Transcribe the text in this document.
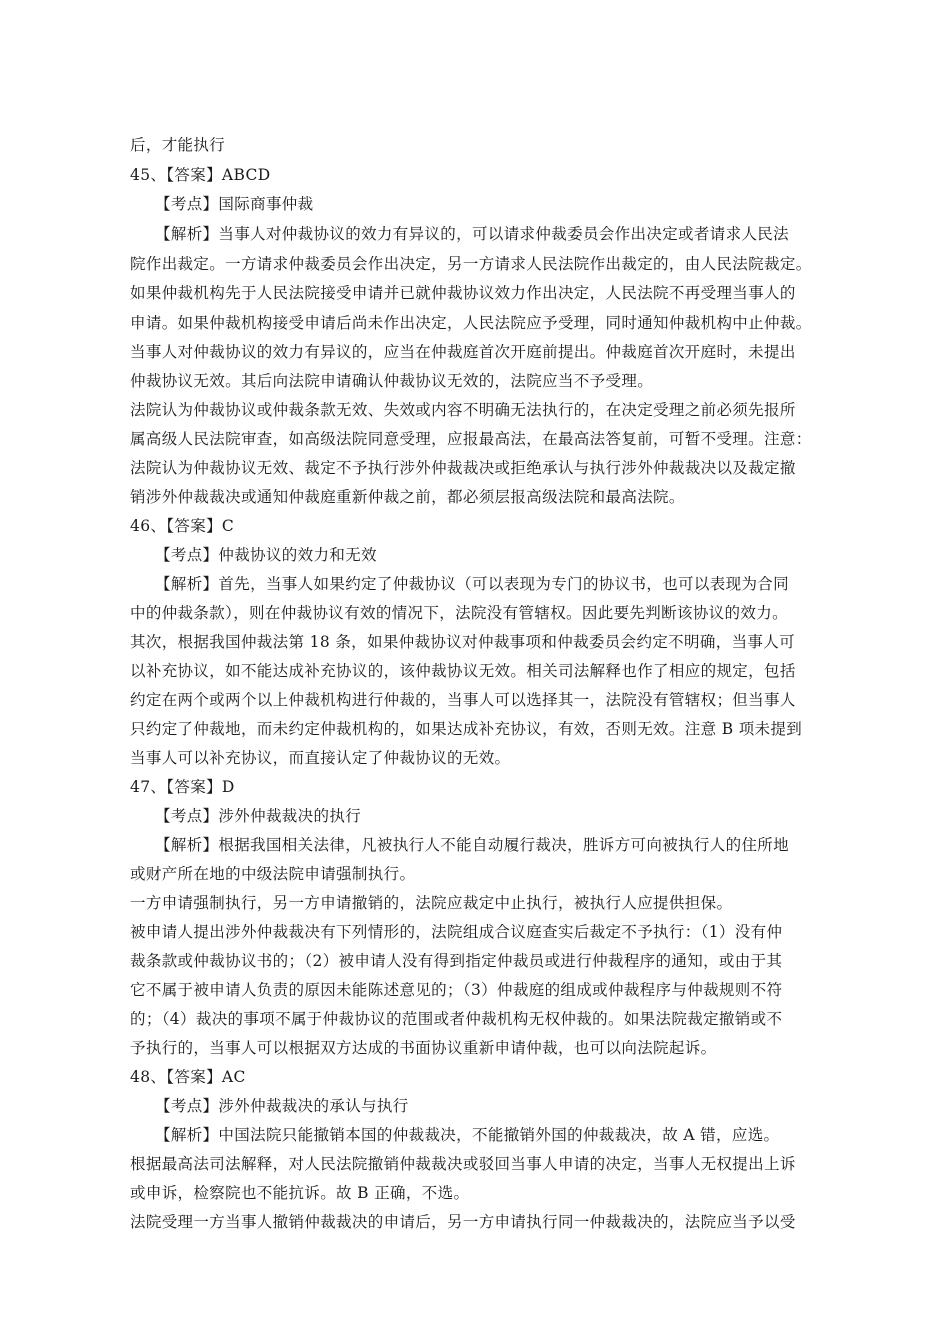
后，才能执行
45、【答案】ABCD
【考点】国际商事仲裁
【解析】当事人对仲裁协议的效力有异议的，可以请求仲裁委员会作出决定或者请求人民法
院作出裁定。一方请求仲裁委员会作出决定，另一方请求人民法院作出裁定的，由人民法院裁定。
如果仲裁机构先于人民法院接受申请并已就仲裁协议效力作出决定，人民法院不再受理当事人的
申请。如果仲裁机构接受申请后尚未作出决定，人民法院应予受理，同时通知仲裁机构中止仲裁。
当事人对仲裁协议的效力有异议的，应当在仲裁庭首次开庭前提出。仲裁庭首次开庭时，未提出
仲裁协议无效。其后向法院申请确认仲裁协议无效的，法院应当不予受理。
法院认为仲裁协议或仲裁条款无效、失效或内容不明确无法执行的，在决定受理之前必须先报所
属高级人民法院审查，如高级法院同意受理，应报最高法，在最高法答复前，可暂不受理。注意：
法院认为仲裁协议无效、裁定不予执行涉外仲裁裁决或拒绝承认与执行涉外仲裁裁决以及裁定撤
销涉外仲裁裁决或通知仲裁庭重新仲裁之前，都必须层报高级法院和最高法院。
46、【答案】C
【考点】仲裁协议的效力和无效
【解析】首先，当事人如果约定了仲裁协议（可以表现为专门的协议书，也可以表现为合同
中的仲裁条款），则在仲裁协议有效的情况下，法院没有管辖权。因此要先判断该协议的效力。
其次，根据我国仲裁法第 18 条，如果仲裁协议对仲裁事项和仲裁委员会约定不明确，当事人可
以补充协议，如不能达成补充协议的，该仲裁协议无效。相关司法解释也作了相应的规定，包括
约定在两个或两个以上仲裁机构进行仲裁的，当事人可以选择其一，法院没有管辖权；但当事人
只约定了仲裁地，而未约定仲裁机构的，如果达成补充协议，有效，否则无效。注意 B 项未提到
当事人可以补充协议，而直接认定了仲裁协议的无效。
47、【答案】D
【考点】涉外仲裁裁决的执行
【解析】根据我国相关法律，凡被执行人不能自动履行裁决，胜诉方可向被执行人的住所地
或财产所在地的中级法院申请强制执行。
一方申请强制执行，另一方申请撤销的，法院应裁定中止执行，被执行人应提供担保。
被申请人提出涉外仲裁裁决有下列情形的，法院组成合议庭查实后裁定不予执行：（1）没有仲
裁条款或仲裁协议书的；（2）被申请人没有得到指定仲裁员或进行仲裁程序的通知，或由于其
它不属于被申请人负责的原因未能陈述意见的；（3）仲裁庭的组成或仲裁程序与仲裁规则不符
的；（4）裁决的事项不属于仲裁协议的范围或者仲裁机构无权仲裁的。如果法院裁定撤销或不
予执行的，当事人可以根据双方达成的书面协议重新申请仲裁，也可以向法院起诉。
48、【答案】AC
【考点】涉外仲裁裁决的承认与执行
【解析】中国法院只能撤销本国的仲裁裁决，不能撤销外国的仲裁裁决，故 A 错，应选。
根据最高法司法解释，对人民法院撤销仲裁裁决或驳回当事人申请的决定，当事人无权提出上诉
或申诉，检察院也不能抗诉。故 B 正确，不选。
法院受理一方当事人撤销仲裁裁决的申请后，另一方申请执行同一仲裁裁决的，法院应当予以受
